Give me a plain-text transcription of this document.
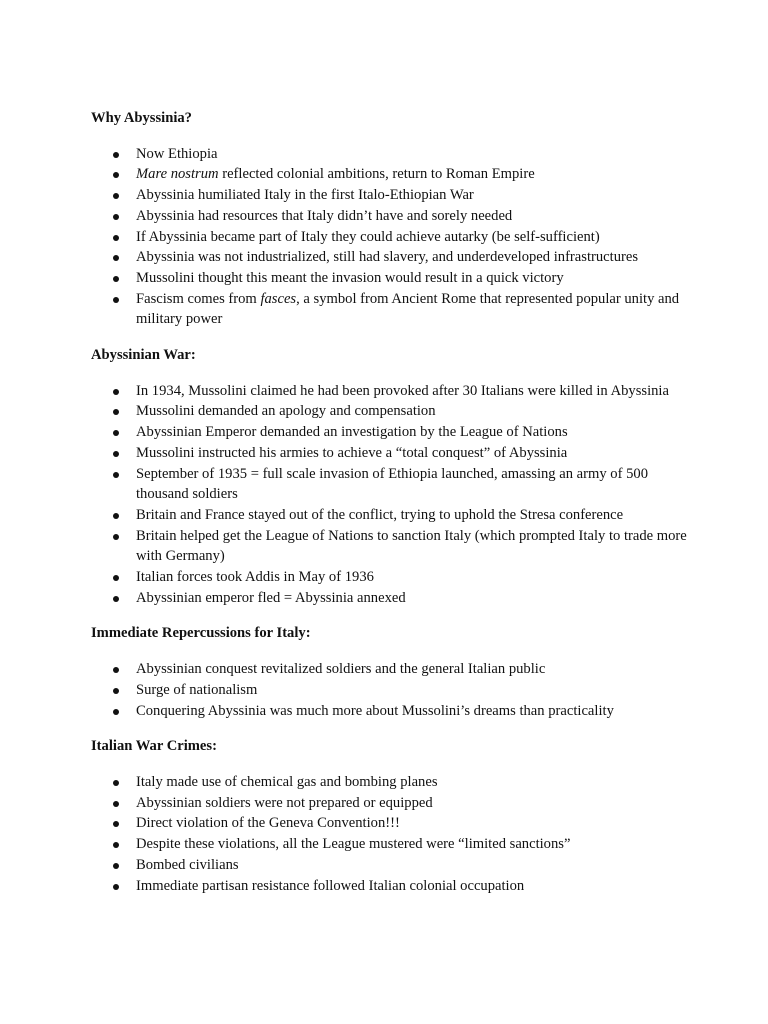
Why Abyssinia?
Now Ethiopia
Mare nostrum reflected colonial ambitions, return to Roman Empire
Abyssinia humiliated Italy in the first Italo-Ethiopian War
Abyssinia had resources that Italy didn’t have and sorely needed
If Abyssinia became part of Italy they could achieve autarky (be self-sufficient)
Abyssinia was not industrialized, still had slavery, and underdeveloped infrastructures
Mussolini thought this meant the invasion would result in a quick victory
Fascism comes from fasces, a symbol from Ancient Rome that represented popular unity and military power
Abyssinian War:
In 1934, Mussolini claimed he had been provoked after 30 Italians were killed in Abyssinia
Mussolini demanded an apology and compensation
Abyssinian Emperor demanded an investigation by the League of Nations
Mussolini instructed his armies to achieve a “total conquest” of Abyssinia
September of 1935 = full scale invasion of Ethiopia launched, amassing an army of 500 thousand soldiers
Britain and France stayed out of the conflict, trying to uphold the Stresa conference
Britain helped get the League of Nations to sanction Italy (which prompted Italy to trade more with Germany)
Italian forces took Addis in May of 1936
Abyssinian emperor fled = Abyssinia annexed
Immediate Repercussions for Italy:
Abyssinian conquest revitalized soldiers and the general Italian public
Surge of nationalism
Conquering Abyssinia was much more about Mussolini’s dreams than practicality
Italian War Crimes:
Italy made use of chemical gas and bombing planes
Abyssinian soldiers were not prepared or equipped
Direct violation of the Geneva Convention!!!
Despite these violations, all the League mustered were “limited sanctions”
Bombed civilians
Immediate partisan resistance followed Italian colonial occupation
